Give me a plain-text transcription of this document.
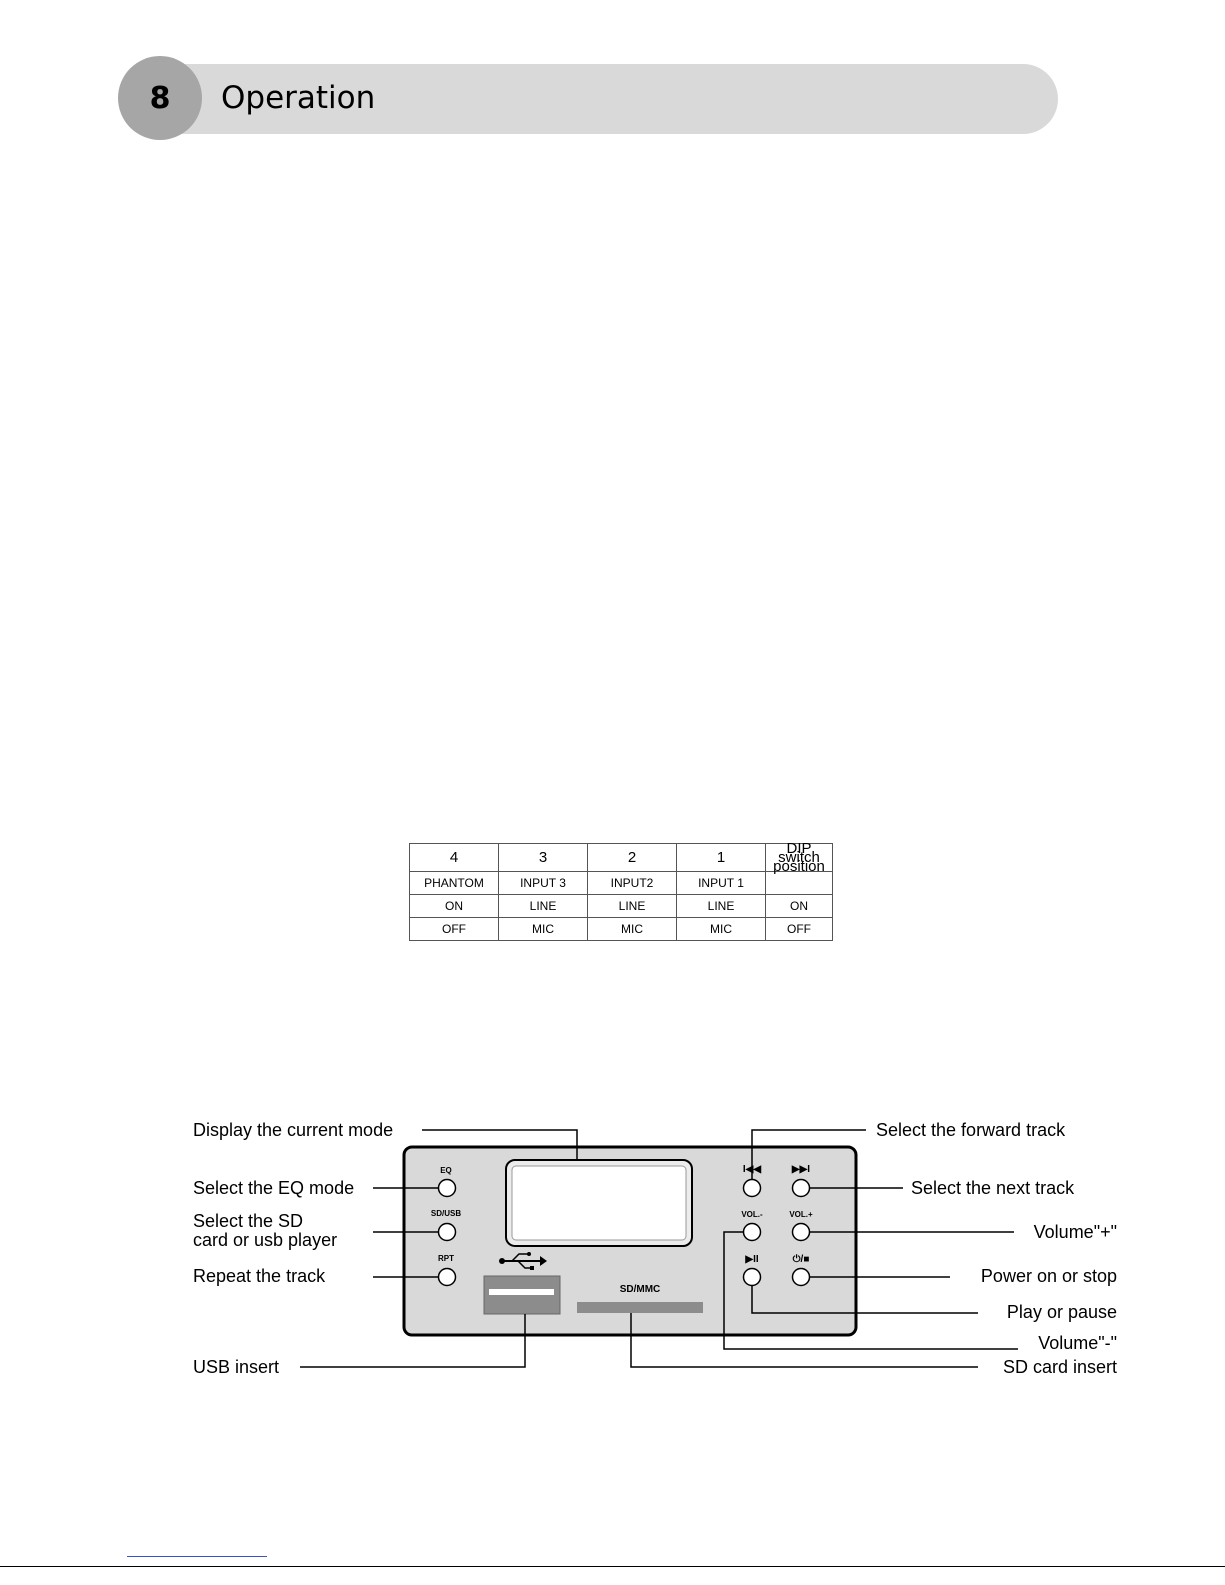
8	Operation
4	3	2	1	DIP switch position
PHANTOM	INPUT 3	INPUT2	INPUT 1	
ON	LINE	LINE	LINE	ON
OFF	MIC	MIC	MIC	OFF
EQ
SD/USB
RPT
SD/MMC
I◀◀	▶▶I
VOL.-	VOL.+
▶II	⏻/■
Display the current mode
Select the EQ mode
Select the SD
card or usb player
Repeat the track
USB insert
Select the forward track
Select the next track
Volume"+"
Power on or stop
Play or pause
Volume"-"
SD card insert
